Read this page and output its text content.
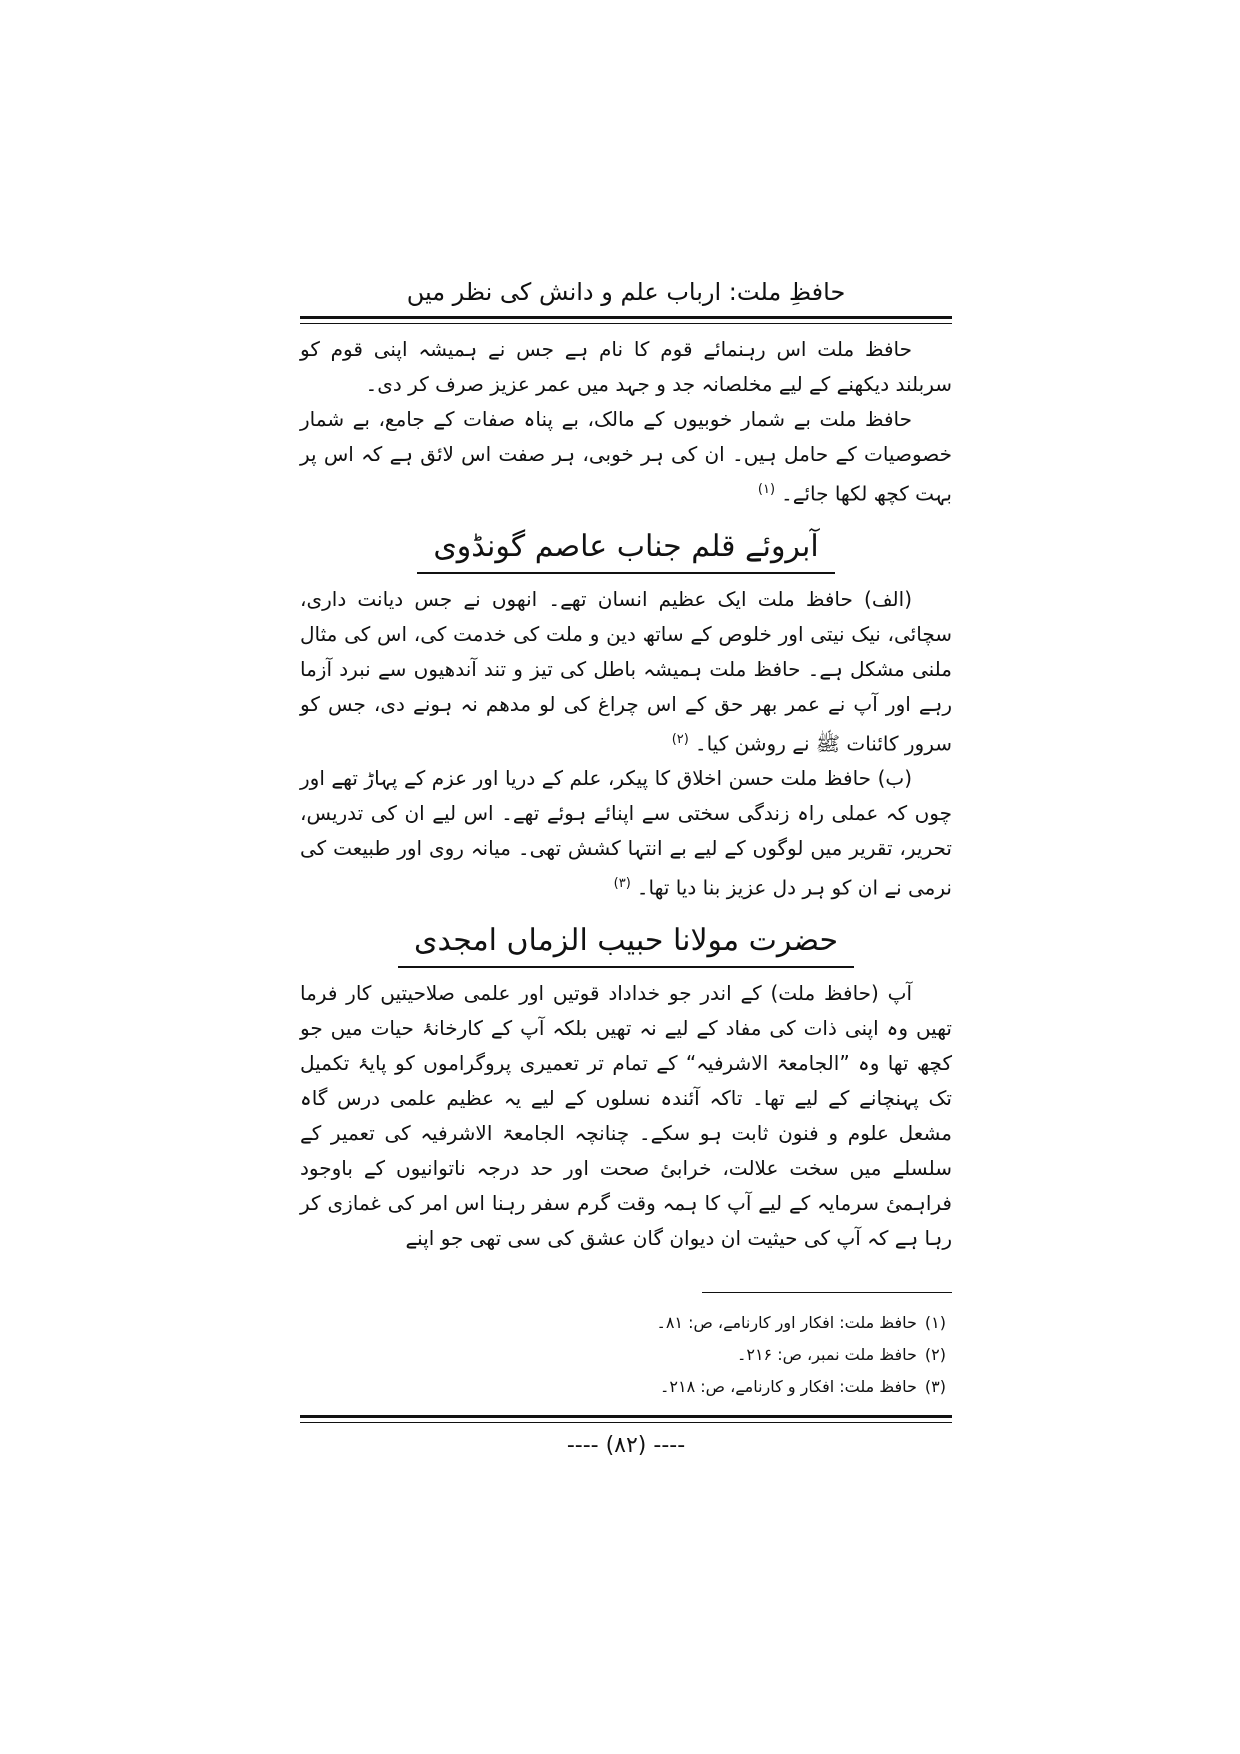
حافظِ ملت: ارباب علم و دانش کی نظر میں

حافظ ملت اس رہنمائے قوم کا نام ہے جس نے ہمیشہ اپنی قوم کو سربلند دیکھنے کے لیے مخلصانہ جد و جہد میں عمر عزیز صرف کر دی۔

حافظ ملت بے شمار خوبیوں کے مالک، بے پناہ صفات کے جامع، بے شمار خصوصیات کے حامل ہیں۔ ان کی ہر خوبی، ہر صفت اس لائق ہے کہ اس پر بہت کچھ لکھا جائے۔$^{(۱)}$

آبروئے قلم جناب عاصم گونڈوی

(الف) حافظ ملت ایک عظیم انسان تھے۔ انھوں نے جس دیانت داری، سچائی، نیک نیتی اور خلوص کے ساتھ دین و ملت کی خدمت کی، اس کی مثال ملنی مشکل ہے۔ حافظ ملت ہمیشہ باطل کی تیز و تند آندھیوں سے نبرد آزما رہے اور آپ نے عمر بھر حق کے اس چراغ کی لو مدھم نہ ہونے دی، جس کو سرور کائنات ﷺ نے روشن کیا۔$^{(۲)}$

(ب) حافظ ملت حسن اخلاق کا پیکر، علم کے دریا اور عزم کے پہاڑ تھے اور چوں کہ عملی راہ زندگی سختی سے اپنائے ہوئے تھے۔ اس لیے ان کی تدریس، تحریر، تقریر میں لوگوں کے لیے بے انتہا کشش تھی۔ میانہ روی اور طبیعت کی نرمی نے ان کو ہر دل عزیز بنا دیا تھا۔$^{(۳)}$

حضرت مولانا حبیب الزماں امجدی

آپ (حافظ ملت) کے اندر جو خداداد قوتیں اور علمی صلاحیتیں کار فرما تھیں وہ اپنی ذات کی مفاد کے لیے نہ تھیں بلکہ آپ کے کارخانۂ حیات میں جو کچھ تھا وہ ”الجامعۃ الاشرفیہ“ کے تمام تر تعمیری پروگراموں کو پایۂ تکمیل تک پہنچانے کے لیے تھا۔ تاکہ آئندہ نسلوں کے لیے یہ عظیم علمی درس گاہ مشعل علوم و فنون ثابت ہو سکے۔ چنانچہ الجامعۃ الاشرفیہ کی تعمیر کے سلسلے میں سخت علالت، خرابیٔ صحت اور حد درجہ ناتوانیوں کے باوجود فراہمیٔ سرمایہ کے لیے آپ کا ہمہ وقت گرم سفر رہنا اس امر کی غمازی کر رہا ہے کہ آپ کی حیثیت ان دیوان گان عشق کی سی تھی جو اپنے

(۱)حافظ ملت: افکار اور کارنامے، ص: ۸۱۔
(۲)حافظ ملت نمبر، ص: ۲۱۶۔
(۳)حافظ ملت: افکار و کارنامے، ص: ۲۱۸۔
---- (۸۲) ----
